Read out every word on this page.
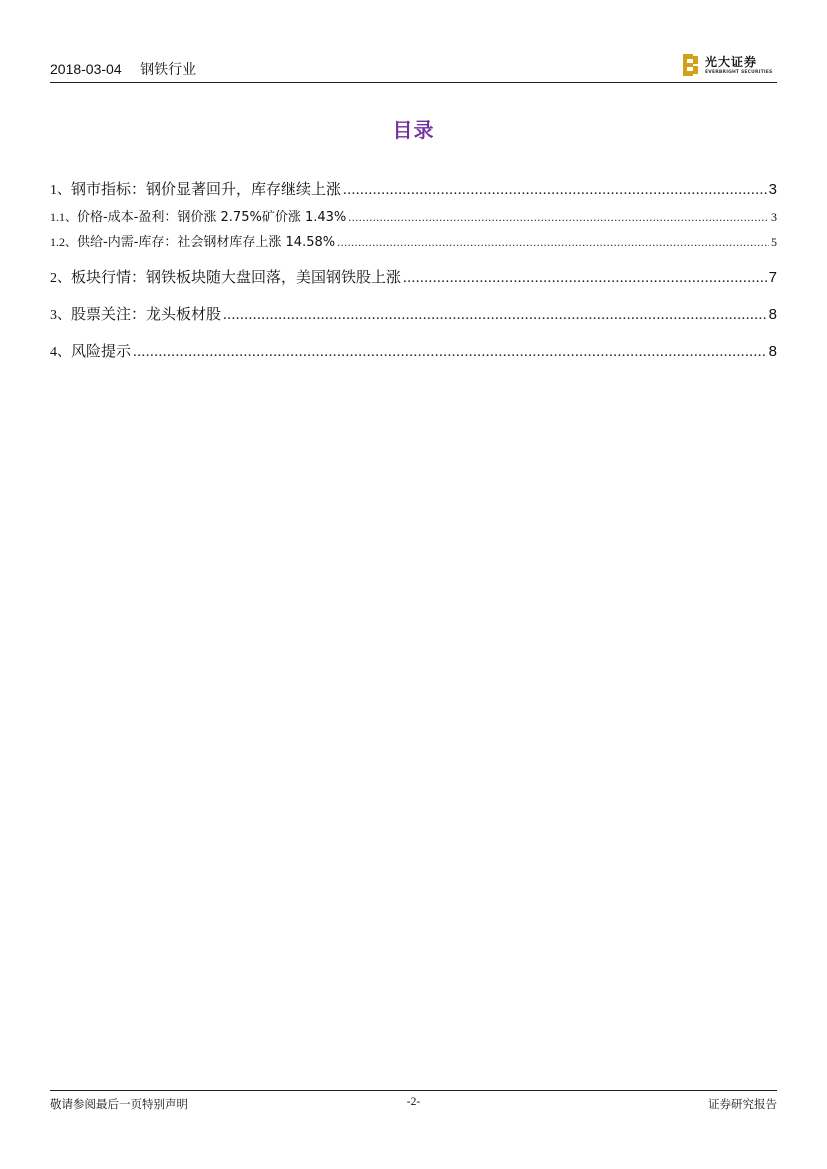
2018-03-04 钢铁行业	光大证券
EVERBRIGHT SECURITIES
目录
1、 钢市指标：钢价显著回升，库存继续上涨 .....	3
1.1、 价格-成本-盈利：钢价涨 2.75%矿价涨 1.43% .....	3
1.2、 供给-内需-库存：社会钢材库存上涨 14.58% .....	5
2、 板块行情：钢铁板块随大盘回落，美国钢铁股上涨 .....	7
3、 股票关注：龙头板材股 .....	8
4、 风险提示 .....	8
敬请参阅最后一页特别声明	-2-	证券研究报告
